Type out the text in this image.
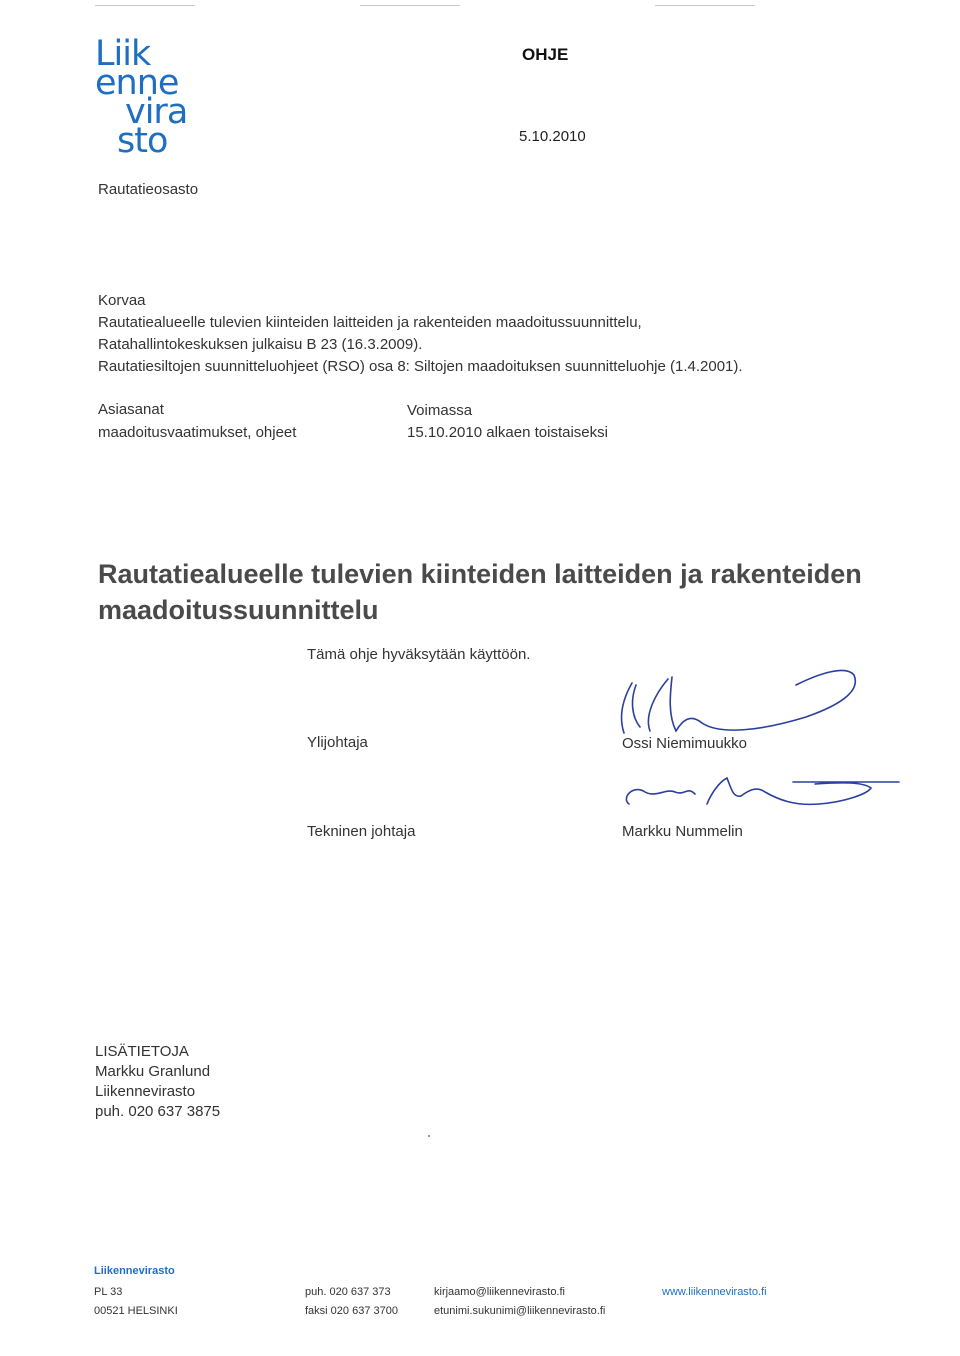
Liik
enne
vira
sto
OHJE
5.10.2010
Rautatieosasto
Korvaa
Rautatiealueelle tulevien kiinteiden laitteiden ja rakenteiden maadoitussuunnittelu,
Ratahallintokeskuksen julkaisu B 23 (16.3.2009).
Rautatiesiltojen suunnitteluohjeet (RSO) osa 8: Siltojen maadoituksen suunnitteluohje (1.4.2001).
Asiasanat
maadoitusvaatimukset, ohjeet
Voimassa
15.10.2010 alkaen toistaiseksi
Rautatiealueelle tulevien kiinteiden laitteiden ja rakenteiden
maadoitussuunnittelu
Tämä ohje hyväksytään käyttöön.
Ylijohtaja	Ossi Niemimuukko
Tekninen johtaja	Markku Nummelin
LISÄTIETOJA
Markku Granlund
Liikennevirasto
puh. 020 637 3875
Liikennevirasto
PL 33
00521 HELSINKI
puh. 020 637 373
faksi 020 637 3700
kirjaamo@liikennevirasto.fi
etunimi.sukunimi@liikennevirasto.fi
www.liikennevirasto.fi
